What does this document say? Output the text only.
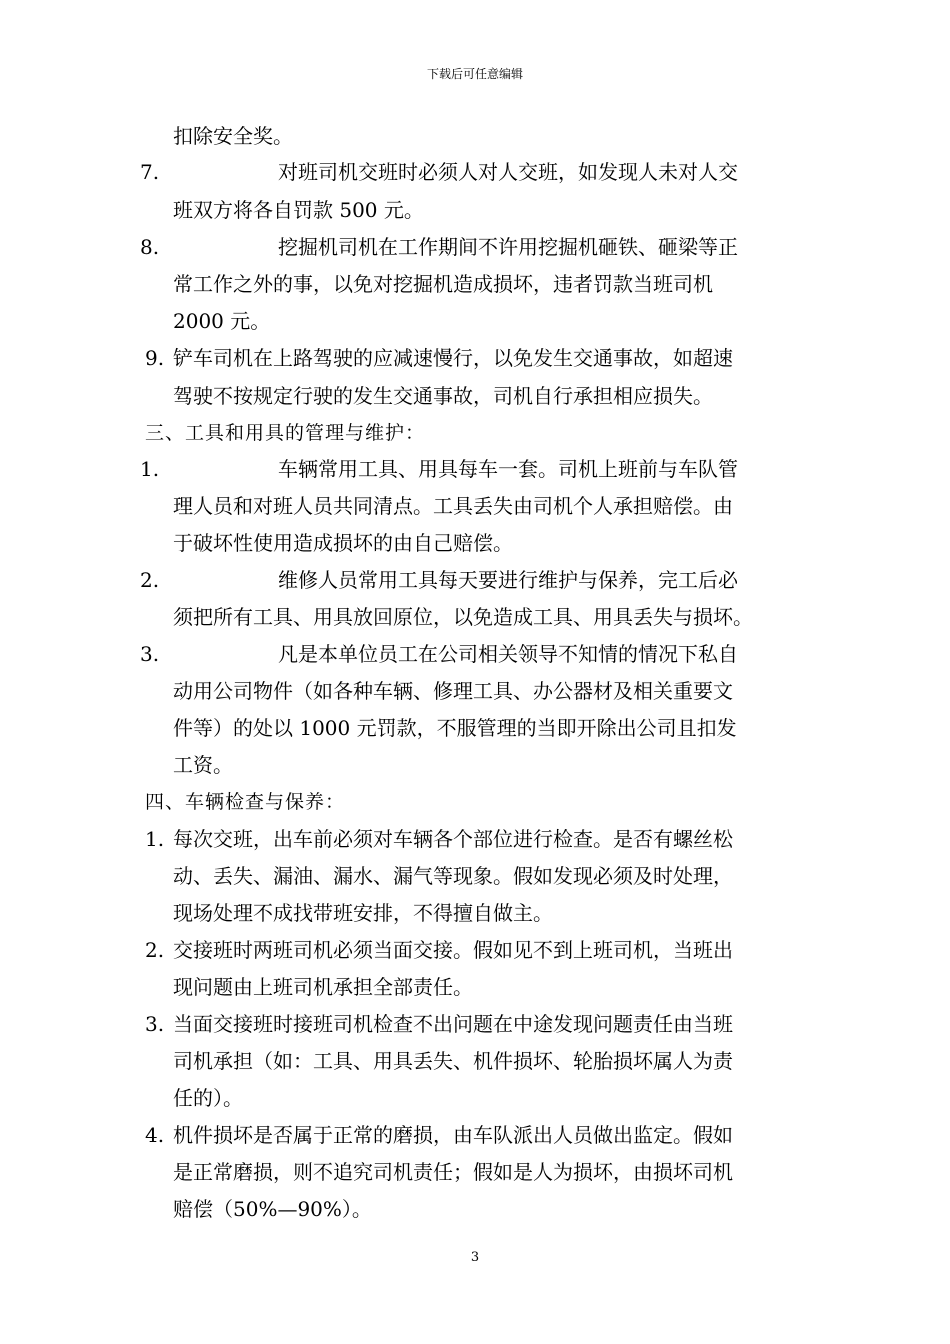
下载后可任意编辑
扣除安全奖。
7.	对班司机交班时必须人对人交班，如发现人未对人交
班双方将各自罚款 500 元。
8.	挖掘机司机在工作期间不许用挖掘机砸铁、砸梁等正
常工作之外的事，以免对挖掘机造成损坏，违者罚款当班司机
2000 元。
9. 铲车司机在上路驾驶的应减速慢行，以免发生交通事故，如超速
驾驶不按规定行驶的发生交通事故，司机自行承担相应损失。
三、工具和用具的管理与维护：
1.	车辆常用工具、用具每车一套。司机上班前与车队管
理人员和对班人员共同清点。工具丢失由司机个人承担赔偿。由
于破坏性使用造成损坏的由自己赔偿。
2.	维修人员常用工具每天要进行维护与保养，完工后必
须把所有工具、用具放回原位，以免造成工具、用具丢失与损坏。
3.	凡是本单位员工在公司相关领导不知情的情况下私自
动用公司物件（如各种车辆、修理工具、办公器材及相关重要文
件等）的处以 1000 元罚款，不服管理的当即开除出公司且扣发
工资。
四、车辆检查与保养：
1. 每次交班，出车前必须对车辆各个部位进行检查。是否有螺丝松
动、丢失、漏油、漏水、漏气等现象。假如发现必须及时处理，
现场处理不成找带班安排，不得擅自做主。
2. 交接班时两班司机必须当面交接。假如见不到上班司机，当班出
现问题由上班司机承担全部责任。
3. 当面交接班时接班司机检查不出问题在中途发现问题责任由当班
司机承担（如：工具、用具丢失、机件损坏、轮胎损坏属人为责
任的）。
4. 机件损坏是否属于正常的磨损，由车队派出人员做出监定。假如
是正常磨损，则不追究司机责任；假如是人为损坏，由损坏司机
赔偿（50%—90%）。
3
